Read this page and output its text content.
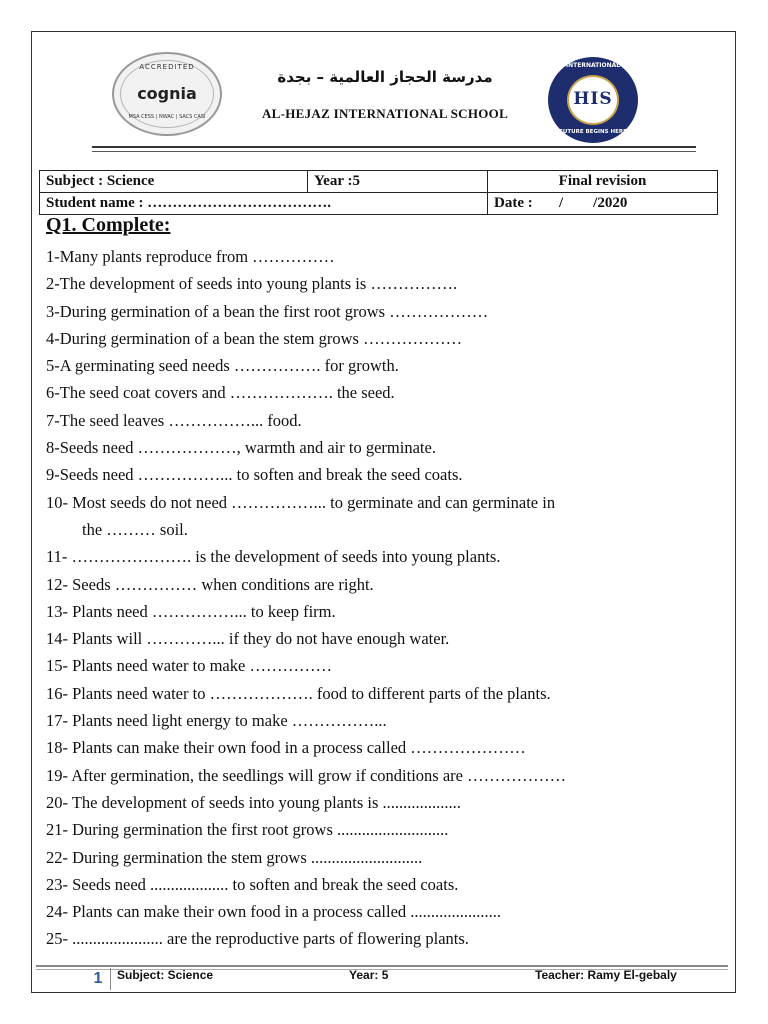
ACCREDITED
cognia
MSA CESS | NWAC | SACS CASI
مدرسة الحجاز العالمية – بجدة
AL-HEJAZ INTERNATIONAL SCHOOL
INTERNATIONAL
HIS
FUTURE BEGINS HERE
Subject : Science	Year :5	Final revision
Student name : ……………………………….		Date :       /        /2020
Q1. Complete:
1-Many plants reproduce from ……………
2-The development of seeds into young plants is …………….
3-During germination of a bean the first root grows ………………
4-During germination of a bean the stem grows ………………
5-A germinating seed needs ……………. for growth.
6-The seed coat covers and ………………. the seed.
7-The seed leaves ……………... food.
8-Seeds need ………………, warmth and air to germinate.
9-Seeds need ……………... to soften and break the seed coats.
10- Most seeds do not need ……………... to germinate and can germinate in
the ……… soil.
11- …………………. is the development of seeds into young plants.
12- Seeds …………… when conditions are right.
13- Plants need ……………... to keep firm.
14- Plants will …………... if they do not have enough water.
15- Plants need water to make ……………
16- Plants need water to ………………. food to different parts of the plants.
17- Plants need light energy to make ……………...
18- Plants can make their own food in a process called …………………
19- After germination, the seedlings will grow if conditions are ………………
20- The development of seeds into young plants is ...................
21- During germination the first root grows ...........................
22- During germination the stem grows ...........................
23- Seeds need ................... to soften and break the seed coats.
24- Plants can make their own food in a process called ......................
25- ...................... are the reproductive parts of flowering plants.
1 Subject: Science	Year: 5	Teacher: Ramy El-gebaly
